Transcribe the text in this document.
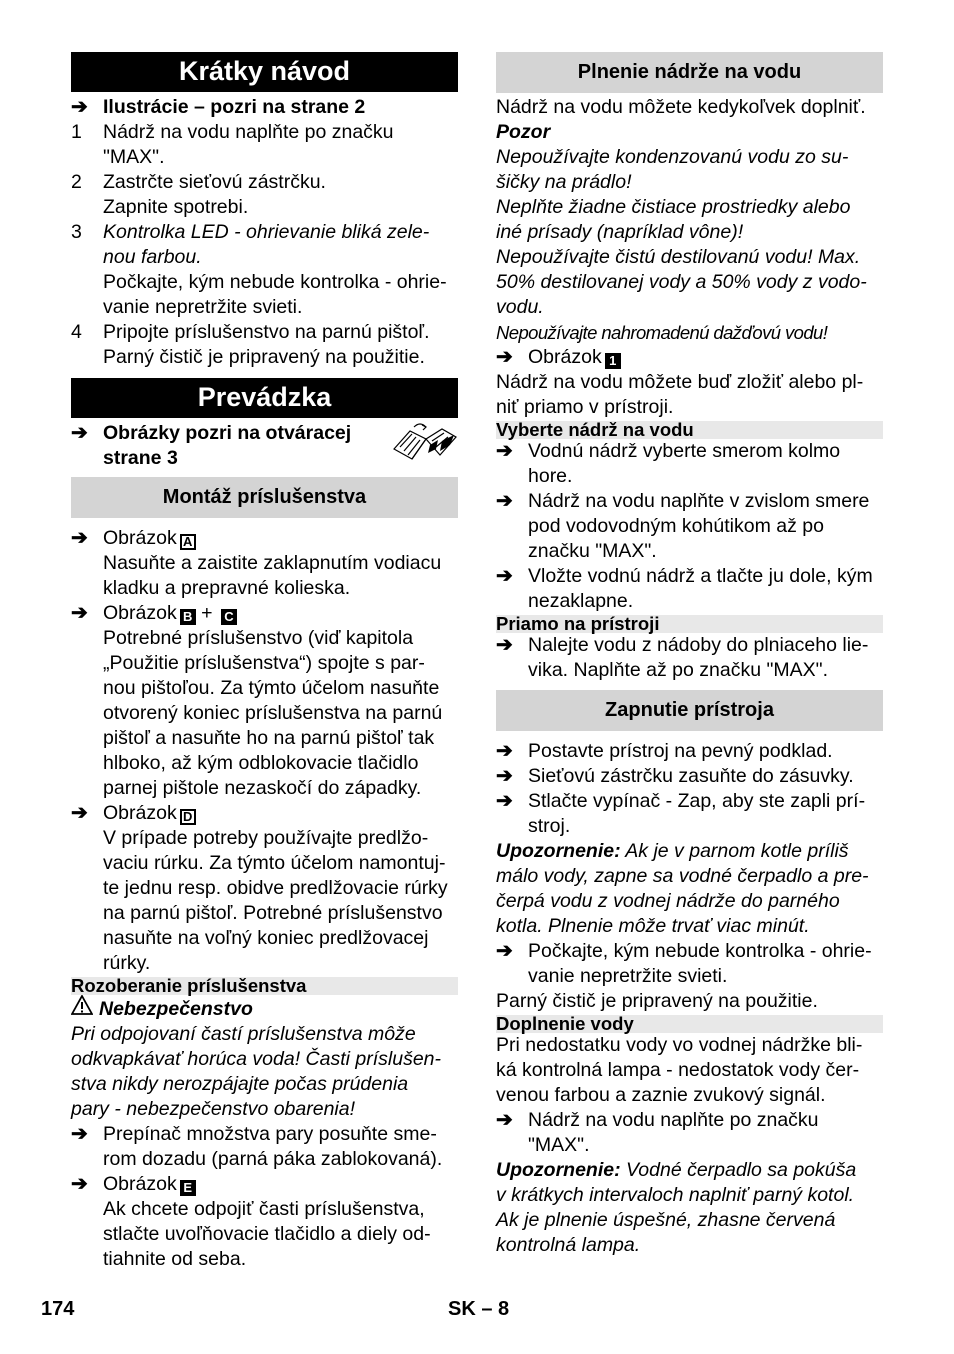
Krátky návod
➔ Ilustrácie – pozri na strane 2
1	Nádrž na vodu naplňte po značku
"MAX".
2	Zastrčte sieťovú zástrčku.
Zapnite spotrebi.
3	Kontrolka LED - ohrievanie bliká zele-
nou farbou.
Počkajte, kým nebude kontrolka - ohrie-
vanie nepretržite svieti.
4	Pripojte príslušenstvo na parnú pištoľ.
Parný čistič je pripravený na použitie.
Prevádzka
➔ Obrázky pozri na otváracej
strane 3
Montáž príslušenstva
➔ Obrázok A
Nasuňte a zaistite zaklapnutím vodiacu
kladku a prepravné kolieska.
➔ Obrázok B + C
Potrebné príslušenstvo (viď kapitola
„Použitie príslušenstva“) spojte s par-
nou pištoľou. Za týmto účelom nasuňte
otvorený koniec príslušenstva na parnú
pištoľ a nasuňte ho na parnú pištoľ tak
hlboko, až kým odblokovacie tlačidlo
parnej pištole nezaskočí do západky.
➔ Obrázok D
V prípade potreby používajte predlžo-
vaciu rúrku. Za týmto účelom namontuj-
te jednu resp. obidve predlžovacie rúrky
na parnú pištoľ. Potrebné príslušenstvo
nasuňte na voľný koniec predlžovacej
rúrky.
Rozoberanie príslušenstva
Nebezpečenstvo
Pri odpojovaní častí príslušenstva môže
odkvapkávať horúca voda! Časti príslušen-
stva nikdy nerozpájajte počas prúdenia
pary - nebezpečenstvo obarenia!
➔ Prepínač množstva pary posuňte sme-
rom dozadu (parná páka zablokovaná).
➔ Obrázok E
Ak chcete odpojiť časti príslušenstva,
stlačte uvoľňovacie tlačidlo a diely od-
tiahnite od seba.
Plnenie nádrže na vodu
Nádrž na vodu môžete kedykoľvek doplniť.
Pozor
Nepoužívajte kondenzovanú vodu zo su-
šičky na prádlo!
Neplňte žiadne čistiace prostriedky alebo
iné prísady (napríklad vône)!
Nepoužívajte čistú destilovanú vodu! Max.
50% destilovanej vody a 50% vody z vodo-
vodu.
Nepoužívajte nahromadenú dažďovú vodu!
➔ Obrázok 1
Nádrž na vodu môžete buď zložiť alebo pl-
niť priamo v prístroji.
Vyberte nádrž na vodu
➔ Vodnú nádrž vyberte smerom kolmo
hore.
➔ Nádrž na vodu naplňte v zvislom smere
pod vodovodným kohútikom až po
značku "MAX".
➔ Vložte vodnú nádrž a tlačte ju dole, kým
nezaklapne.
Priamo na prístroji
➔ Nalejte vodu z nádoby do plniaceho lie-
vika. Naplňte až po značku "MAX".
Zapnutie prístroja
➔ Postavte prístroj na pevný podklad.
➔ Sieťovú zástrčku zasuňte do zásuvky.
➔ Stlačte vypínač - Zap, aby ste zapli prí-
stroj.
Upozornenie: Ak je v parnom kotle príliš
málo vody, zapne sa vodné čerpadlo a pre-
čerpá vodu z vodnej nádrže do parného
kotla. Plnenie môže trvať viac minút.
➔ Počkajte, kým nebude kontrolka - ohrie-
vanie nepretržite svieti.
Parný čistič je pripravený na použitie.
Doplnenie vody
Pri nedostatku vody vo vodnej nádržke bli-
ká kontrolná lampa - nedostatok vody čer-
venou farbou a zaznie zvukový signál.
➔ Nádrž na vodu naplňte po značku
"MAX".
Upozornenie: Vodné čerpadlo sa pokúša
v krátkych intervaloch naplniť parný kotol.
Ak je plnenie úspešné, zhasne červená
kontrolná lampa.
174	SK – 8
